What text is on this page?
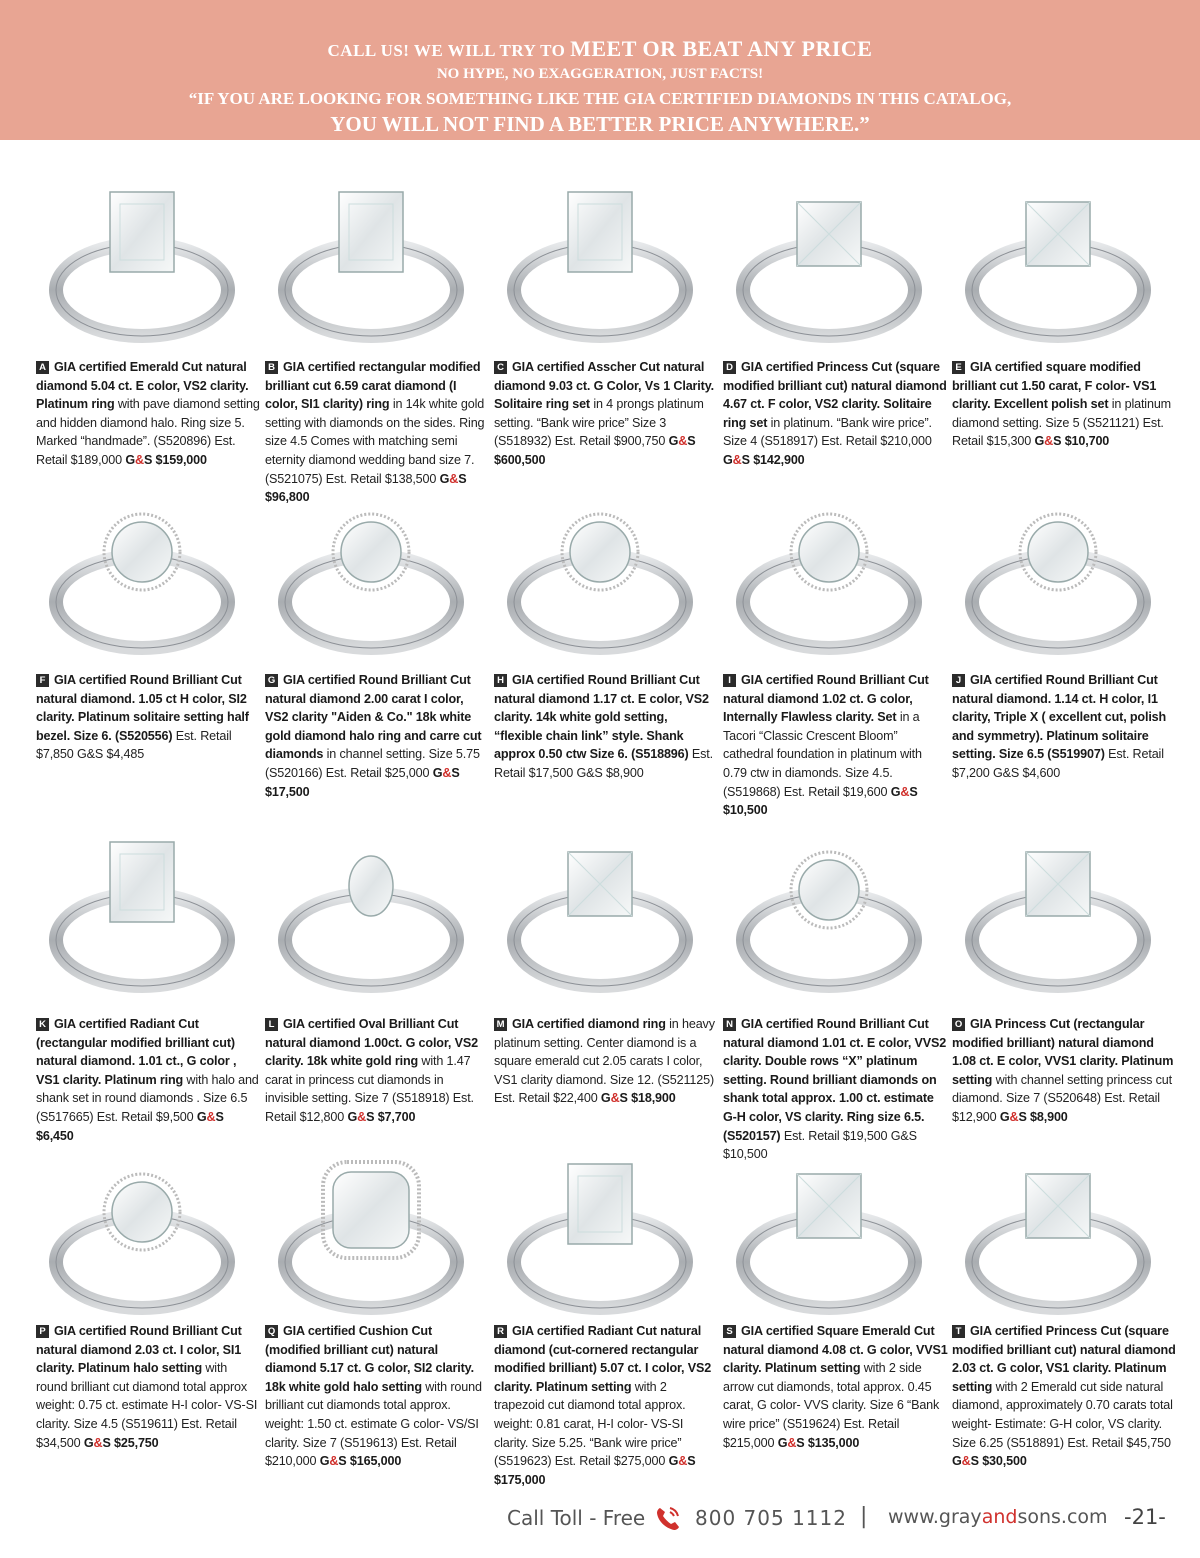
CALL US! WE WILL TRY TO MEET OR BEAT ANY PRICE
NO HYPE, NO EXAGGERATION, JUST FACTS!
“IF YOU ARE LOOKING FOR SOMETHING LIKE THE GIA CERTIFIED DIAMONDS IN THIS CATALOG,
YOU WILL NOT FIND A BETTER PRICE ANYWHERE.”
A GIA certified Emerald Cut natural diamond 5.04 ct. E color, VS2 clarity. Platinum ring with pave diamond setting and hidden diamond halo. Ring size 5. Marked “handmade”. (S520896) Est. Retail $189,000 G&S $159,000
B GIA certified rectangular modified brilliant cut 6.59 carat diamond (I color, SI1 clarity) ring in 14k white gold setting with diamonds on the sides. Ring size 4.5 Comes with matching semi eternity diamond wedding band size 7. (S521075) Est. Retail $138,500 G&S $96,800
C GIA certified Asscher Cut natural diamond 9.03 ct. G Color, Vs 1 Clarity. Solitaire ring set in 4 prongs platinum setting. “Bank wire price” Size 3 (S518932) Est. Retail $900,750 G&S $600,500
D GIA certified Princess Cut (square modified brilliant cut) natural diamond 4.67 ct. F color, VS2 clarity. Solitaire ring set in platinum. “Bank wire price”. Size 4 (S518917) Est. Retail $210,000 G&S $142,900
E GIA certified square modified brilliant cut 1.50 carat, F color- VS1 clarity. Excellent polish set in platinum diamond setting. Size 5 (S521121) Est. Retail $15,300 G&S $10,700
F GIA certified Round Brilliant Cut natural diamond. 1.05 ct H color, SI2 clarity. Platinum solitaire setting half bezel. Size 6. (S520556) Est. Retail $7,850 G&S $4,485
G GIA certified Round Brilliant Cut natural diamond 2.00 carat I color, VS2 clarity "Aiden & Co." 18k white gold diamond halo ring and carre cut diamonds in channel setting. Size 5.75 (S520166) Est. Retail $25,000 G&S $17,500
H GIA certified Round Brilliant Cut natural diamond 1.17 ct. E color, VS2 clarity. 14k white gold setting, “flexible chain link” style. Shank approx 0.50 ctw Size 6. (S518896) Est. Retail $17,500 G&S $8,900
I GIA certified Round Brilliant Cut natural diamond 1.02 ct. G color, Internally Flawless clarity. Set in a Tacori “Classic Crescent Bloom” cathedral foundation in platinum with 0.79 ctw in diamonds. Size 4.5. (S519868) Est. Retail $19,600 G&S $10,500
J GIA certified Round Brilliant Cut natural diamond. 1.14 ct. H color, I1 clarity, Triple X ( excellent cut, polish and symmetry). Platinum solitaire setting. Size 6.5 (S519907) Est. Retail $7,200 G&S $4,600
K GIA certified Radiant Cut (rectangular modified brilliant cut) natural diamond. 1.01 ct., G color , VS1 clarity. Platinum ring with halo and shank set in round diamonds . Size 6.5 (S517665) Est. Retail $9,500 G&S $6,450
L GIA certified Oval Brilliant Cut natural diamond 1.00ct. G color, VS2 clarity. 18k white gold ring with 1.47 carat in princess cut diamonds in invisible setting. Size 7 (S518918) Est. Retail $12,800 G&S $7,700
M GIA certified diamond ring in heavy platinum setting. Center diamond is a square emerald cut 2.05 carats I color, VS1 clarity diamond. Size 12. (S521125) Est. Retail $22,400 G&S $18,900
N GIA certified Round Brilliant Cut natural diamond 1.01 ct. E color, VVS2 clarity. Double rows “X” platinum setting. Round brilliant diamonds on shank total approx. 1.00 ct. estimate G-H color, VS clarity. Ring size 6.5. (S520157) Est. Retail $19,500 G&S $10,500
O GIA Princess Cut (rectangular modified brilliant) natural diamond 1.08 ct. E color, VVS1 clarity. Platinum setting with channel setting princess cut diamond. Size 7 (S520648) Est. Retail $12,900 G&S $8,900
P GIA certified Round Brilliant Cut natural diamond 2.03 ct. I color, SI1 clarity. Platinum halo setting with round brilliant cut diamond total approx weight: 0.75 ct. estimate H-I color- VS-SI clarity. Size 4.5 (S519611) Est. Retail $34,500 G&S $25,750
Q GIA certified Cushion Cut (modified brilliant cut) natural diamond 5.17 ct. G color, SI2 clarity. 18k white gold halo setting with round brilliant cut diamonds total approx. weight: 1.50 ct. estimate G color- VS/SI clarity. Size 7 (S519613) Est. Retail $210,000 G&S $165,000
R GIA certified Radiant Cut natural diamond (cut-cornered rectangular modified brilliant) 5.07 ct. I color, VS2 clarity. Platinum setting with 2 trapezoid cut diamond total approx. weight: 0.81 carat, H-I color- VS-SI clarity. Size 5.25. “Bank wire price” (S519623) Est. Retail $275,000 G&S $175,000
S GIA certified Square Emerald Cut natural diamond 4.08 ct. G color, VVS1 clarity. Platinum setting with 2 side arrow cut diamonds, total approx. 0.45 carat, G color- VVS clarity. Size 6 “Bank wire price” (S519624) Est. Retail $215,000 G&S $135,000
T GIA certified Princess Cut (square modified brilliant cut) natural diamond 2.03 ct. G color, VS1 clarity. Platinum setting with 2 Emerald cut side natural diamond, approximately 0.70 carats total weight- Estimate: G-H color, VS clarity. Size 6.25 (S518891) Est. Retail $45,750 G&S $30,500
Call Toll - Free 800 705 1112 | www.grayandsons.com -21-
